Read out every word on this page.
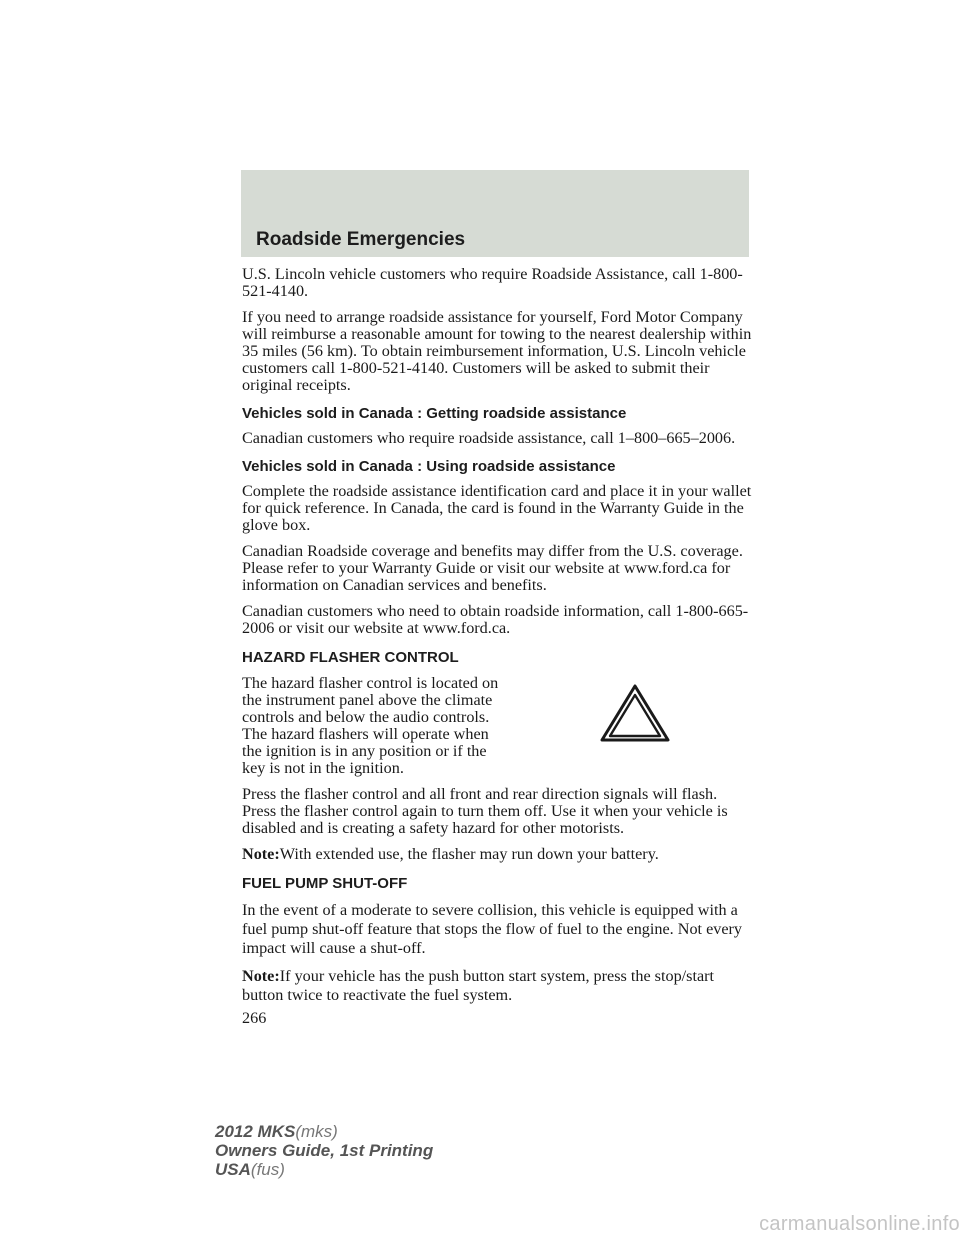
Roadside Emergencies

U.S. Lincoln vehicle customers who require Roadside Assistance, call 1-800-521-4140.

If you need to arrange roadside assistance for yourself, Ford Motor Company will reimburse a reasonable amount for towing to the nearest dealership within 35 miles (56 km). To obtain reimbursement information, U.S. Lincoln vehicle customers call 1-800-521-4140. Customers will be asked to submit their original receipts.

Vehicles sold in Canada : Getting roadside assistance

Canadian customers who require roadside assistance, call 1–800–665–2006.

Vehicles sold in Canada : Using roadside assistance

Complete the roadside assistance identification card and place it in your wallet for quick reference. In Canada, the card is found in the Warranty Guide in the glove box.

Canadian Roadside coverage and benefits may differ from the U.S. coverage. Please refer to your Warranty Guide or visit our website at www.ford.ca for information on Canadian services and benefits.

Canadian customers who need to obtain roadside information, call 1-800-665-2006 or visit our website at www.ford.ca.

HAZARD FLASHER CONTROL

The hazard flasher control is located on the instrument panel above the climate controls and below the audio controls. The hazard flashers will operate when the ignition is in any position or if the key is not in the ignition.

Press the flasher control and all front and rear direction signals will flash. Press the flasher control again to turn them off. Use it when your vehicle is disabled and is creating a safety hazard for other motorists.

Note:With extended use, the flasher may run down your battery.

FUEL PUMP SHUT-OFF

In the event of a moderate to severe collision, this vehicle is equipped with a fuel pump shut-off feature that stops the flow of fuel to the engine. Not every impact will cause a shut-off.

Note:If your vehicle has the push button start system, press the stop/start button twice to reactivate the fuel system.

266
2012 MKS(mks)
Owners Guide, 1st Printing
USA(fus)
carmanualsonline.info
